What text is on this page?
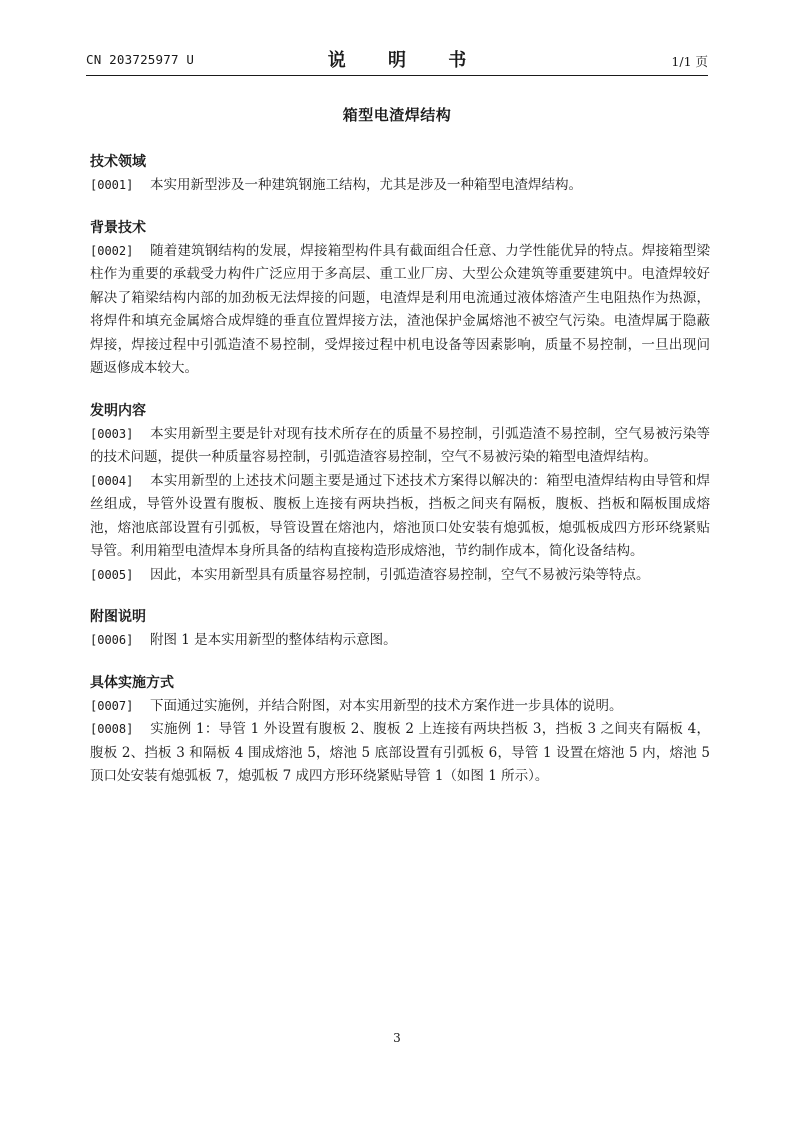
CN 203725977 U	说 明 书	1/1 页
箱型电渣焊结构

技术领域

[0001] 本实用新型涉及一种建筑钢施工结构，尤其是涉及一种箱型电渣焊结构。

背景技术

[0002] 随着建筑钢结构的发展，焊接箱型构件具有截面组合任意、力学性能优异的特点。焊接箱型梁柱作为重要的承载受力构件广泛应用于多高层、重工业厂房、大型公众建筑等重要建筑中。电渣焊较好解决了箱梁结构内部的加劲板无法焊接的问题，电渣焊是利用电流通过液体熔渣产生电阻热作为热源，将焊件和填充金属熔合成焊缝的垂直位置焊接方法，渣池保护金属熔池不被空气污染。电渣焊属于隐蔽焊接，焊接过程中引弧造渣不易控制，受焊接过程中机电设备等因素影响，质量不易控制，一旦出现问题返修成本较大。

发明内容

[0003] 本实用新型主要是针对现有技术所存在的质量不易控制，引弧造渣不易控制，空气易被污染等的技术问题，提供一种质量容易控制，引弧造渣容易控制，空气不易被污染的箱型电渣焊结构。

[0004] 本实用新型的上述技术问题主要是通过下述技术方案得以解决的：箱型电渣焊结构由导管和焊丝组成，导管外设置有腹板、腹板上连接有两块挡板，挡板之间夹有隔板，腹板、挡板和隔板围成熔池，熔池底部设置有引弧板，导管设置在熔池内，熔池顶口处安装有熄弧板，熄弧板成四方形环绕紧贴导管。利用箱型电渣焊本身所具备的结构直接构造形成熔池，节约制作成本，简化设备结构。

[0005] 因此，本实用新型具有质量容易控制，引弧造渣容易控制，空气不易被污染等特点。

附图说明

[0006] 附图 1 是本实用新型的整体结构示意图。

具体实施方式

[0007] 下面通过实施例，并结合附图，对本实用新型的技术方案作进一步具体的说明。

[0008] 实施例 1：导管 1 外设置有腹板 2、腹板 2 上连接有两块挡板 3，挡板 3 之间夹有隔板 4，腹板 2、挡板 3 和隔板 4 围成熔池 5，熔池 5 底部设置有引弧板 6，导管 1 设置在熔池 5 内，熔池 5 顶口处安装有熄弧板 7，熄弧板 7 成四方形环绕紧贴导管 1（如图 1 所示）。

3
